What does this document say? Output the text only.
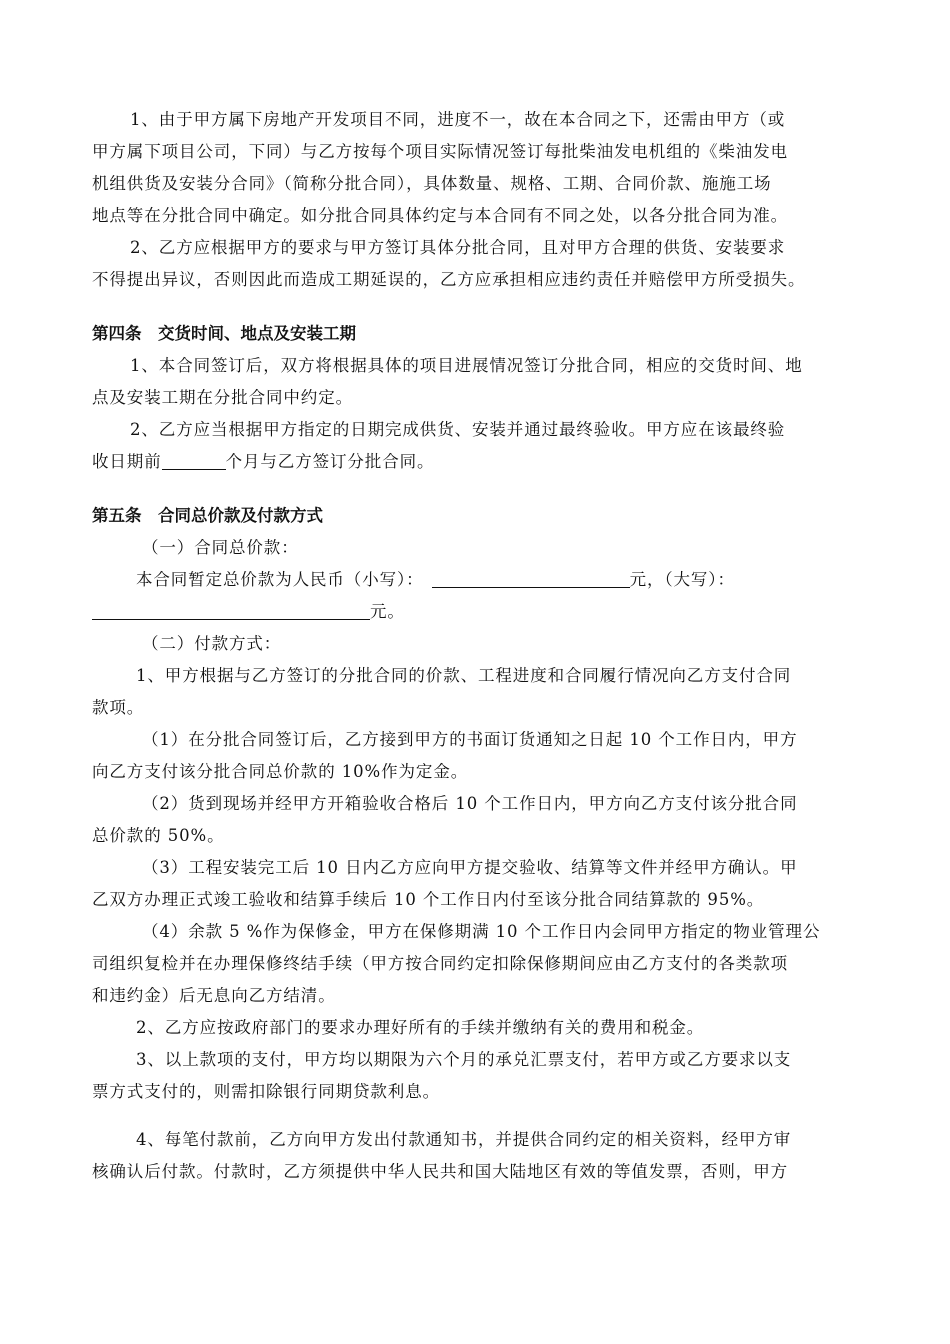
1、由于甲方属下房地产开发项目不同，进度不一，故在本合同之下，还需由甲方（或
甲方属下项目公司，下同）与乙方按每个项目实际情况签订每批柴油发电机组的《柴油发电
机组供货及安装分合同》（简称分批合同），具体数量、规格、工期、合同价款、施施工场
地点等在分批合同中确定。如分批合同具体约定与本合同有不同之处，以各分批合同为准。
2、乙方应根据甲方的要求与甲方签订具体分批合同，且对甲方合理的供货、安装要求
不得提出异议，否则因此而造成工期延误的，乙方应承担相应违约责任并赔偿甲方所受损失。
第四条　交货时间、地点及安装工期
1、本合同签订后，双方将根据具体的项目进展情况签订分批合同，相应的交货时间、地
点及安装工期在分批合同中约定。
2、乙方应当根据甲方指定的日期完成供货、安装并通过最终验收。甲方应在该最终验
收日期前	个月与乙方签订分批合同。
第五条　合同总价款及付款方式
（一）合同总价款：
本合同暂定总价款为人民币（小写）：	元，（大写）：
元。
（二）付款方式：
1、甲方根据与乙方签订的分批合同的价款、工程进度和合同履行情况向乙方支付合同
款项。
（1）在分批合同签订后，乙方接到甲方的书面订货通知之日起 10 个工作日内，甲方
向乙方支付该分批合同总价款的 10%作为定金。
（2）货到现场并经甲方开箱验收合格后 10 个工作日内，甲方向乙方支付该分批合同
总价款的 50%。
（3）工程安装完工后 10 日内乙方应向甲方提交验收、结算等文件并经甲方确认。甲
乙双方办理正式竣工验收和结算手续后 10 个工作日内付至该分批合同结算款的 95%。
（4）余款 5 %作为保修金，甲方在保修期满 10 个工作日内会同甲方指定的物业管理公
司组织复检并在办理保修终结手续（甲方按合同约定扣除保修期间应由乙方支付的各类款项
和违约金）后无息向乙方结清。
2、乙方应按政府部门的要求办理好所有的手续并缴纳有关的费用和税金。
3、以上款项的支付，甲方均以期限为六个月的承兑汇票支付，若甲方或乙方要求以支
票方式支付的，则需扣除银行同期贷款利息。
4、每笔付款前，乙方向甲方发出付款通知书，并提供合同约定的相关资料，经甲方审
核确认后付款。付款时，乙方须提供中华人民共和国大陆地区有效的等值发票，否则，甲方
